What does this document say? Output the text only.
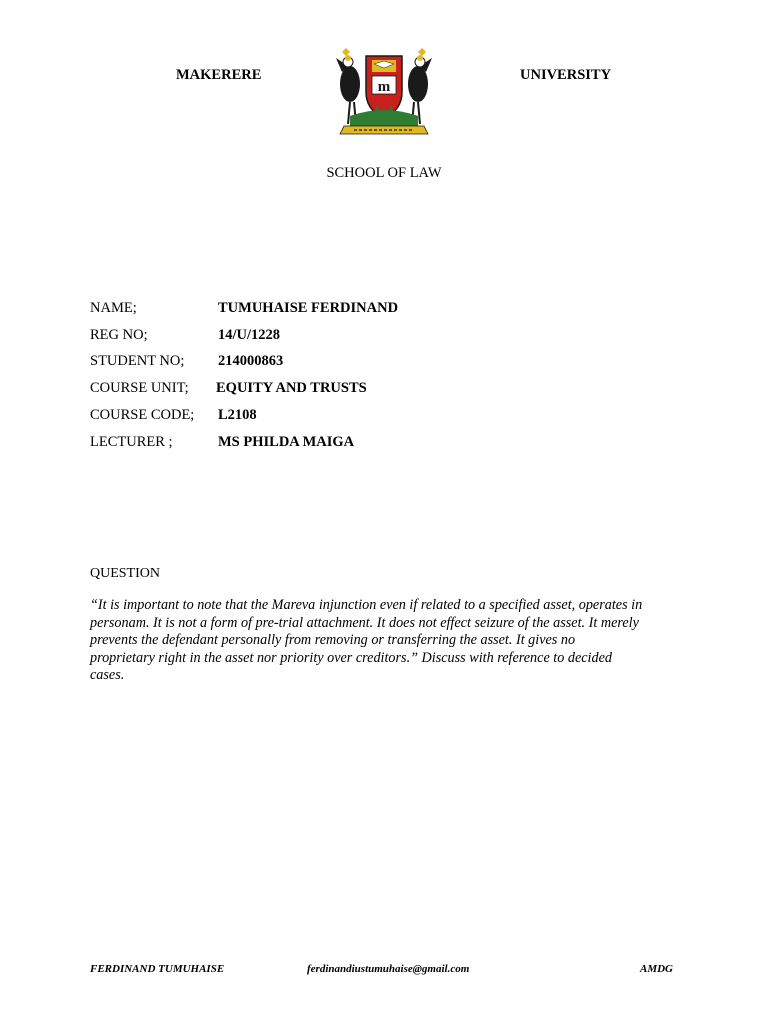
MAKERERE
m
UNIVERSITY
SCHOOL OF LAW
NAME;	TUMUHAISE FERDINAND
REG NO;	14/U/1228
STUDENT NO; 214000863
COURSE UNIT; EQUITY AND TRUSTS
COURSE CODE; L2108
LECTURER ;	MS PHILDA MAIGA
QUESTION
“It is important to note that the Mareva injunction even if related to a specified asset, operates in
personam. It is not a form of pre-trial attachment. It does not effect seizure of the asset. It merely
prevents the defendant personally from removing or transferring the asset. It gives no
proprietary right in the asset nor priority over creditors.” Discuss with reference to decided
cases.
FERDINAND TUMUHAISE	ferdinandiustumuhaise@gmail.com	AMDG
